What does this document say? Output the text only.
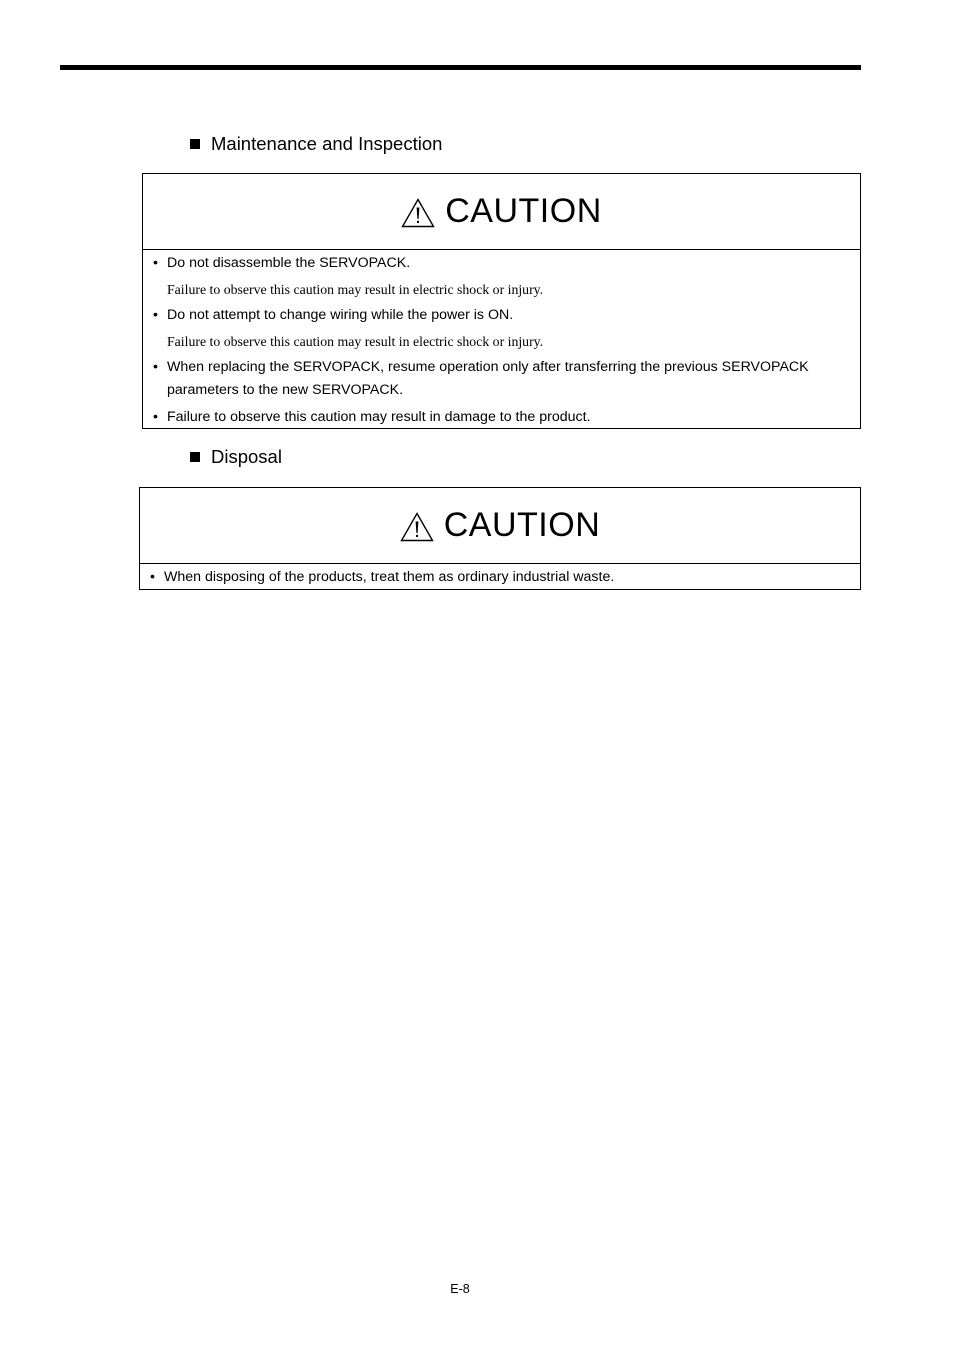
Maintenance and Inspection
CAUTION
• Do not disassemble the SERVOPACK.
Failure to observe this caution may result in electric shock or injury.
• Do not attempt to change wiring while the power is ON.
Failure to observe this caution may result in electric shock or injury.
• When replacing the SERVOPACK, resume operation only after transferring the previous SERVOPACK parameters to the new SERVOPACK.
• Failure to observe this caution may result in damage to the product.
Disposal
CAUTION
• When disposing of the products, treat them as ordinary industrial waste.
E-8
